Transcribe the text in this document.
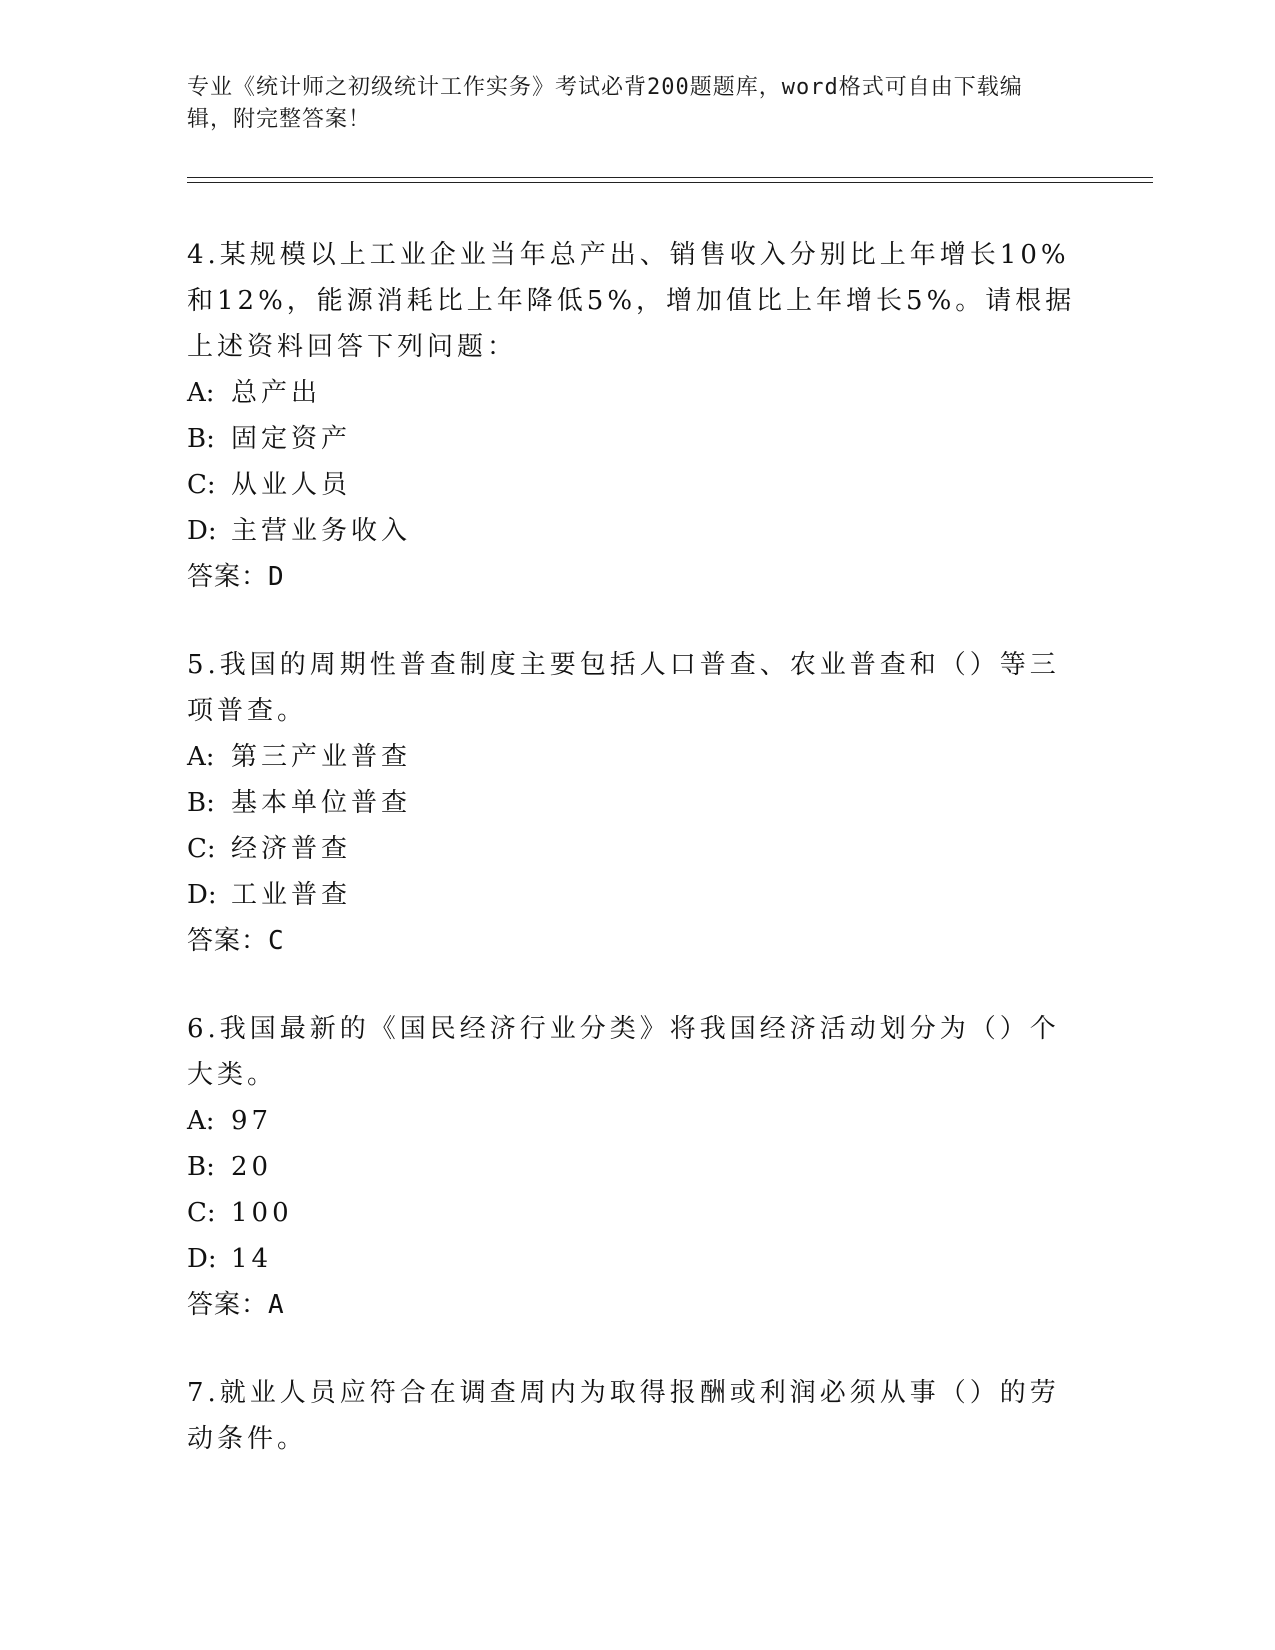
专业《统计师之初级统计工作实务》考试必背200题题库，word格式可自由下载编辑，附完整答案！

4.某规模以上工业企业当年总产出、销售收入分别比上年增长10%和12%，能源消耗比上年降低5%，增加值比上年增长5%。请根据上述资料回答下列问题：

A: 总产出
B: 固定资产
C: 从业人员
D: 主营业务收入
答案：D

5.我国的周期性普查制度主要包括人口普查、农业普查和（）等三项普查。

A: 第三产业普查
B: 基本单位普查
C: 经济普查
D: 工业普查
答案：C

6.我国最新的《国民经济行业分类》将我国经济活动划分为（）个大类。

A: 97
B: 20
C: 100
D: 14
答案：A

7.就业人员应符合在调查周内为取得报酬或利润必须从事（）的劳动条件。
